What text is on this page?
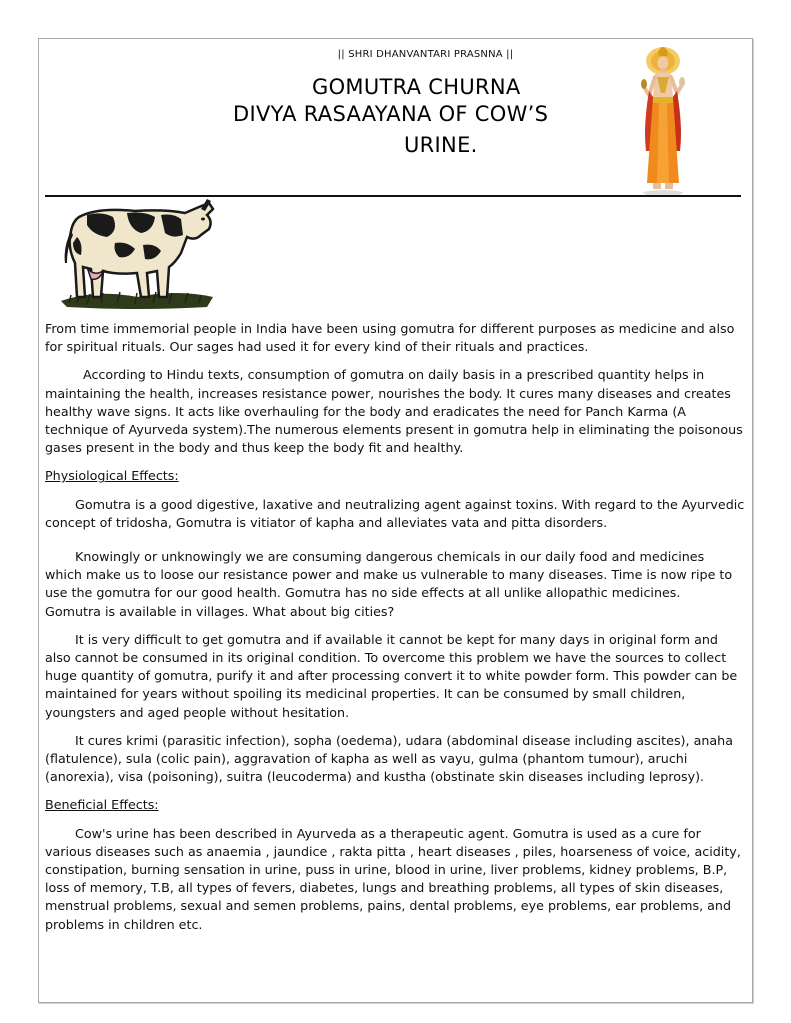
|| SHRI DHANVANTARI PRASNNA ||
GOMUTRA CHURNA
DIVYA RASAAYANA OF COW’S
URINE.

From time immemorial people in India have been using gomutra for different purposes as medicine and also for spiritual rituals. Our sages had used it for every kind of their rituals and practices.

According to Hindu texts, consumption of gomutra on daily basis in a prescribed quantity helps in maintaining the health, increases resistance power, nourishes the body. It cures many diseases and creates healthy wave signs. It acts like overhauling for the body and eradicates the need for Panch Karma (A technique of Ayurveda system).The numerous elements present in gomutra help in eliminating the poisonous gases present in the body and thus keep the body fit and healthy.

Physiological Effects:

Gomutra is a good digestive, laxative and neutralizing agent against toxins. With regard to the Ayurvedic concept of tridosha, Gomutra is vitiator of kapha and alleviates vata and pitta disorders.

Knowingly or unknowingly we are consuming dangerous chemicals in our daily food and medicines which make us to loose our resistance power and make us vulnerable to many diseases. Time is now ripe to use the gomutra for our good health. Gomutra has no side effects at all unlike allopathic medicines.

Gomutra is available in villages. What about big cities?

It is very difficult to get gomutra and if available it cannot be kept for many days in original form and also cannot be consumed in its original condition. To overcome this problem we have the sources to collect huge quantity of gomutra, purify it and after processing convert it to white powder form. This powder can be maintained for years without spoiling its medicinal properties. It can be consumed by small children, youngsters and aged people without hesitation.

It cures krimi (parasitic infection), sopha (oedema), udara (abdominal disease including ascites), anaha (flatulence), sula (colic pain), aggravation of kapha as well as vayu, gulma (phantom tumour), aruchi (anorexia), visa (poisoning), suitra (leucoderma) and kustha (obstinate skin diseases including leprosy).

Beneficial Effects:

Cow's urine has been described in Ayurveda as a therapeutic agent. Gomutra is used as a cure for various diseases such as anaemia , jaundice , rakta pitta , heart diseases , piles, hoarseness of voice, acidity, constipation, burning sensation in urine, puss in urine, blood in urine, liver problems, kidney problems, B.P, loss of memory, T.B, all types of fevers, diabetes, lungs and breathing problems, all types of skin diseases, menstrual problems, sexual and semen problems, pains, dental problems, eye problems, ear problems, and problems in children etc.
